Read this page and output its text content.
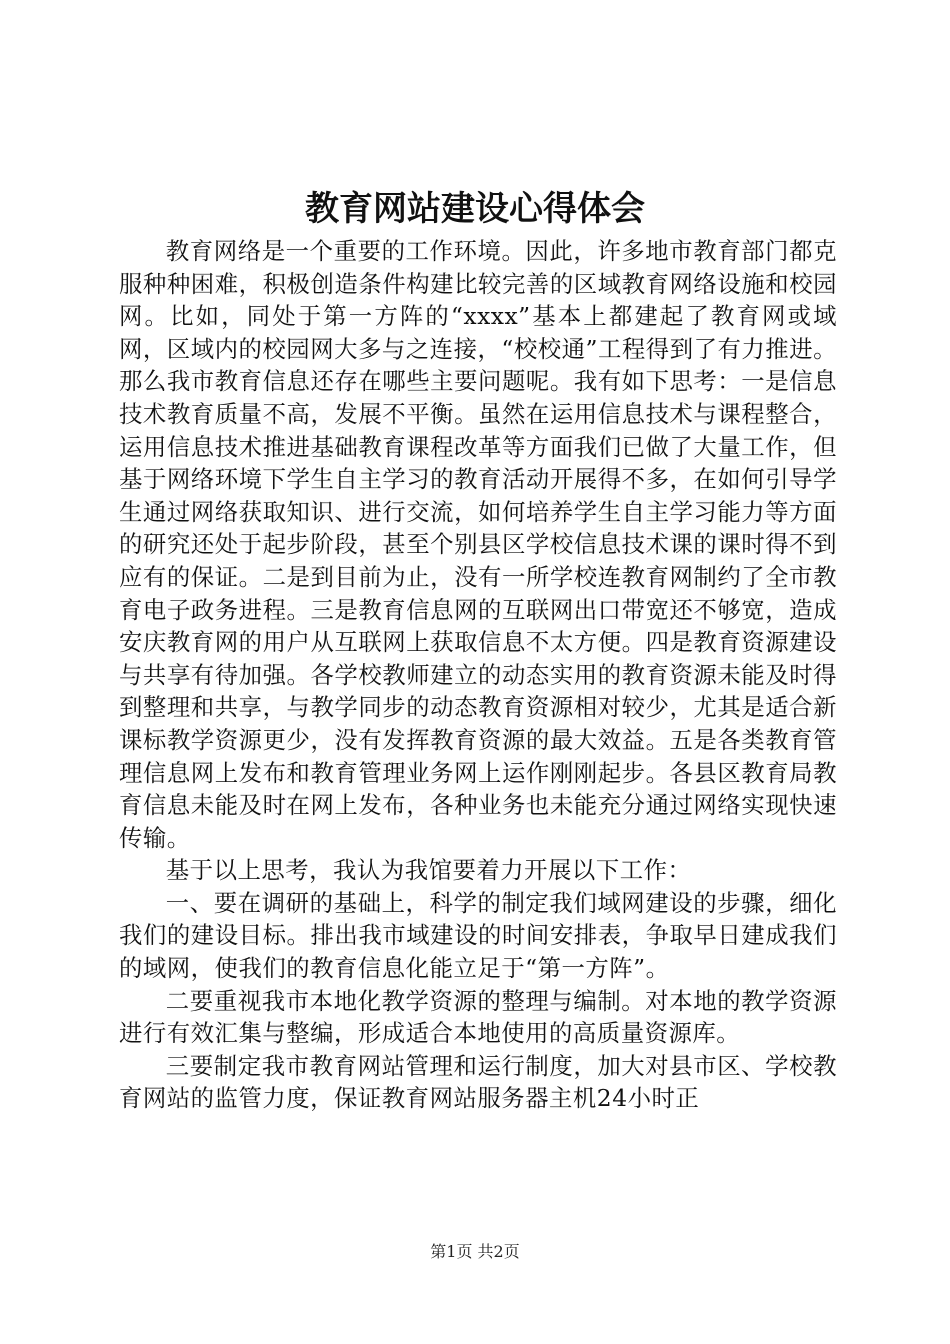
教育网站建设心得体会

教育网络是一个重要的工作环境。因此，许多地市教育部门都克服种种困难，积极创造条件构建比较完善的区域教育网络设施和校园网。比如，同处于第一方阵的“xxxx”基本上都建起了教育网或域网，区域内的校园网大多与之连接，“校校通”工程得到了有力推进。那么我市教育信息还存在哪些主要问题呢。我有如下思考：一是信息技术教育质量不高，发展不平衡。虽然在运用信息技术与课程整合，运用信息技术推进基础教育课程改革等方面我们已做了大量工作，但基于网络环境下学生自主学习的教育活动开展得不多，在如何引导学生通过网络获取知识、进行交流，如何培养学生自主学习能力等方面的研究还处于起步阶段，甚至个别县区学校信息技术课的课时得不到应有的保证。二是到目前为止，没有一所学校连教育网制约了全市教育电子政务进程。三是教育信息网的互联网出口带宽还不够宽，造成安庆教育网的用户从互联网上获取信息不太方便。四是教育资源建设与共享有待加强。各学校教师建立的动态实用的教育资源未能及时得到整理和共享，与教学同步的动态教育资源相对较少，尤其是适合新课标教学资源更少，没有发挥教育资源的最大效益。五是各类教育管理信息网上发布和教育管理业务网上运作刚刚起步。各县区教育局教育信息未能及时在网上发布，各种业务也未能充分通过网络实现快速传输。

基于以上思考，我认为我馆要着力开展以下工作：

一、要在调研的基础上，科学的制定我们域网建设的步骤，细化我们的建设目标。排出我市域建设的时间安排表，争取早日建成我们的域网，使我们的教育信息化能立足于“第一方阵”。

二要重视我市本地化教学资源的整理与编制。对本地的教学资源进行有效汇集与整编，形成适合本地使用的高质量资源库。

三要制定我市教育网站管理和运行制度，加大对县市区、学校教育网站的监管力度，保证教育网站服务器主机24小时正

第1页 共2页
